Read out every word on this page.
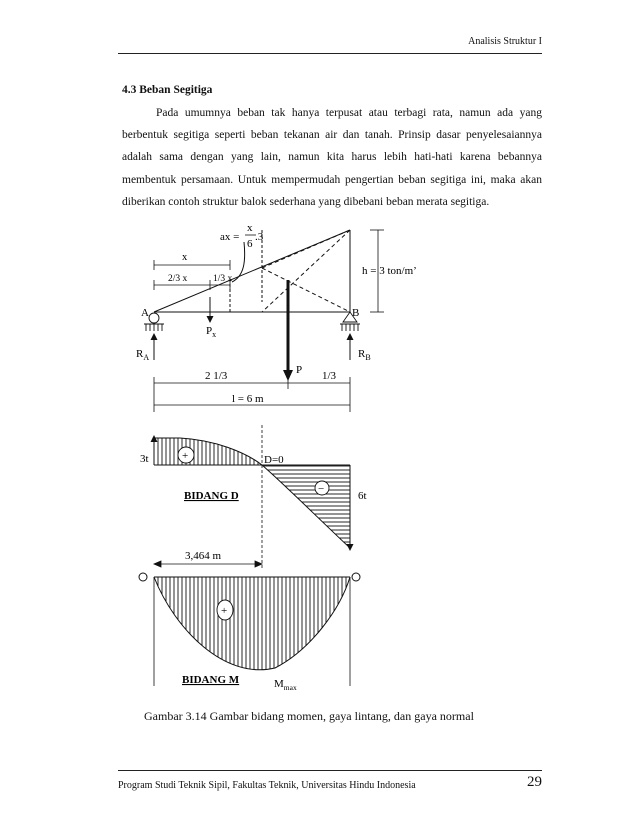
Analisis Struktur I
4.3 Beban Segitiga
Pada umumnya beban tak hanya terpusat atau terbagi rata, namun ada yang berbentuk segitiga seperti beban tekanan air dan tanah. Prinsip dasar penyelesaiannya adalah sama dengan yang lain, namun kita harus lebih hati-hati karena bebannya membentuk persamaan. Untuk mempermudah pengertian beban segitiga ini, maka akan diberikan contoh struktur balok sederhana yang dibebani beban merata segitiga.
ax =
x
6
.3
h = 3 ton/m’
x
2/3 x	1/3 x
A	B
$R_A$	$R_B$
$P_x$
P
2 1/3	1/3
l = 6 m
+
−
3t	D=0
6t
BIDANG D
3,464 m
+
BIDANG M	$M_{max}$
Gambar 3.14 Gambar bidang momen, gaya lintang, dan gaya normal
Program Studi Teknik Sipil, Fakultas Teknik, Universitas Hindu Indonesia	29
